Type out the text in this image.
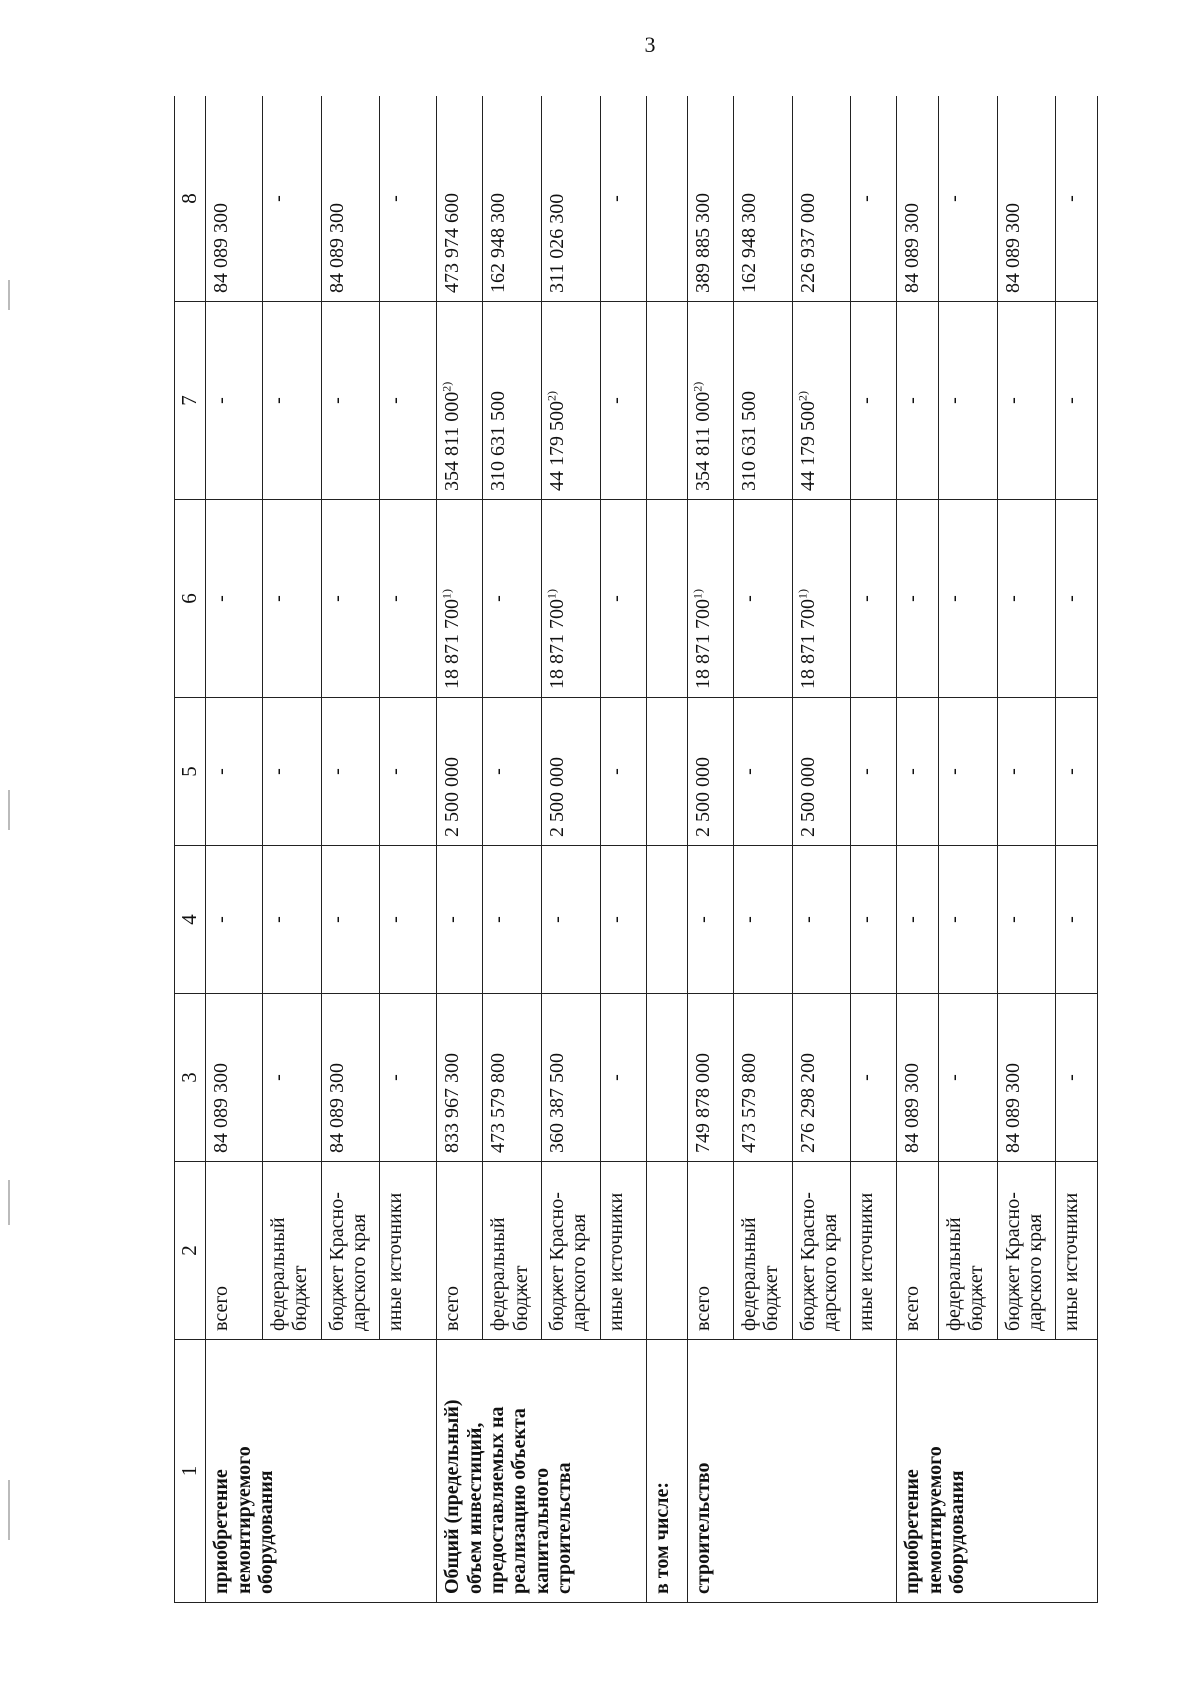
3
1	2	3	4	5	6	7	8
приобретение немонтируемого оборудования	всего	84 089 300	-	-	-	-	84 089 300
	федеральный бюджет	-	-	-	-	-	-
	бюджет Красно-дарского края	84 089 300	-	-	-	-	84 089 300
	иные источники	-	-	-	-	-	-
Общий (предельный) объем инвестиций, предоставляемых на реализацию объекта капитального строительства	всего	833 967 300	-	2 500 000	18 871 700$^{1)}$	354 811 000$^{2)}$	473 974 600
	федеральный бюджет	473 579 800	-	-	-	310 631 500	162 948 300
	бюджет Красно-дарского края	360 387 500	-	2 500 000	18 871 700$^{1)}$	44 179 500$^{2)}$	311 026 300
	иные источники	-	-	-	-	-	-
в том числе:							
строительство	всего	749 878 000	-	2 500 000	18 871 700$^{1)}$	354 811 000$^{2)}$	389 885 300
	федеральный бюджет	473 579 800	-	-	-	310 631 500	162 948 300
	бюджет Красно-дарского края	276 298 200	-	2 500 000	18 871 700$^{1)}$	44 179 500$^{2)}$	226 937 000
	иные источники	-	-	-	-	-	-
приобретение немонтируемого оборудования	всего	84 089 300	-	-	-	-	84 089 300
	федеральный бюджет	-	-	-	-	-	-
	бюджет Красно-дарского края	84 089 300	-	-	-	-	84 089 300
	иные источники	-	-	-	-	-	-
